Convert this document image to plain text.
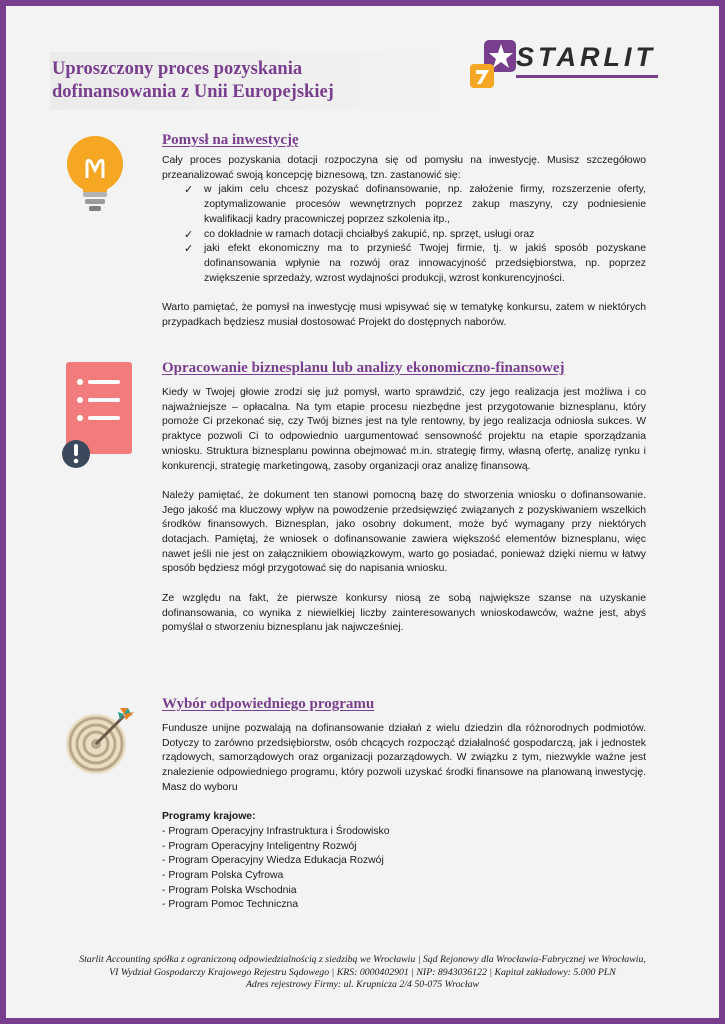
Uproszczony proces pozyskania
dofinansowania z Unii Europejskiej
STARLIT
Pomysł na inwestycję

Cały proces pozyskania dotacji rozpoczyna się od pomysłu na inwestycję. Musisz szczegółowo przeanalizować swoją koncepcję biznesową, tzn. zastanowić się:

✓ w jakim celu chcesz pozyskać dofinansowanie, np. założenie firmy, rozszerzenie oferty, zoptymalizowanie procesów wewnętrznych poprzez zakup maszyny, czy podniesienie kwalifikacji kadry pracowniczej poprzez szkolenia itp.,
✓ co dokładnie w ramach dotacji chciałbyś zakupić, np. sprzęt, usługi oraz
✓ jaki efekt ekonomiczny ma to przynieść Twojej firmie, tj. w jakiś sposób pozyskane dofinansowania wpłynie na rozwój oraz innowacyjność przedsiębiorstwa, np. poprzez zwiększenie sprzedaży, wzrost wydajności produkcji, wzrost konkurencyjności.

Warto pamiętać, że pomysł na inwestycję musi wpisywać się w tematykę konkursu, zatem w niektórych przypadkach będziesz musiał dostosować Projekt do dostępnych naborów.

Opracowanie biznesplanu lub analizy ekonomiczno-finansowej

Kiedy w Twojej głowie zrodzi się już pomysł, warto sprawdzić, czy jego realizacja jest możliwa i co najważniejsze – opłacalna. Na tym etapie procesu niezbędne jest przygotowanie biznesplanu, który pomoże Ci przekonać się, czy Twój biznes jest na tyle rentowny, by jego realizacja odniosła sukces. W praktyce pozwoli Ci to odpowiednio uargumentować sensowność projektu na etapie sporządzania wniosku. Struktura biznesplanu powinna obejmować m.in. strategię firmy, własną ofertę, analizę rynku i konkurencji, strategię marketingową, zasoby organizacji oraz analizę finansową.

Należy pamiętać, że dokument ten stanowi pomocną bazę do stworzenia wniosku o dofinansowanie. Jego jakość ma kluczowy wpływ na powodzenie przedsięwzięć związanych z pozyskiwaniem wszelkich środków finansowych. Biznesplan, jako osobny dokument, może być wymagany przy niektórych dotacjach. Pamiętaj, że wniosek o dofinansowanie zawiera większość elementów biznesplanu, więc nawet jeśli nie jest on załącznikiem obowiązkowym, warto go posiadać, ponieważ dzięki niemu w łatwy sposób będziesz mógł przygotować się do napisania wniosku.

Ze względu na fakt, że pierwsze konkursy niosą ze sobą największe szanse na uzyskanie dofinansowania, co wynika z niewielkiej liczby zainteresowanych wnioskodawców, ważne jest, abyś pomyślał o stworzeniu biznesplanu jak najwcześniej.

Wybór odpowiedniego programu

Fundusze unijne pozwalają na dofinansowanie działań z wielu dziedzin dla różnorodnych podmiotów. Dotyczy to zarówno przedsiębiorstw, osób chcących rozpocząć działalność gospodarczą, jak i jednostek rządowych, samorządowych oraz organizacji pozarządowych. W związku z tym, niezwykle ważne jest znalezienie odpowiedniego programu, który pozwoli uzyskać środki finansowe na planowaną inwestycję. Masz do wyboru

Programy krajowe:

- Program Operacyjny Infrastruktura i Środowisko
- Program Operacyjny Inteligentny Rozwój
- Program Operacyjny Wiedza Edukacja Rozwój
- Program Polska Cyfrowa
- Program Polska Wschodnia
- Program Pomoc Techniczna

Starlit Accounting spółka z ograniczoną odpowiedzialnością z siedzibą we Wrocławiu | Sąd Rejonowy dla Wrocławia-Fabrycznej we Wrocławiu,

VI Wydział Gospodarczy Krajowego Rejestru Sądowego | KRS: 0000402901 | NIP: 8943036122 | Kapitał zakładowy: 5.000 PLN

Adres rejestrowy Firmy: ul. Krupnicza 2/4 50-075 Wrocław
